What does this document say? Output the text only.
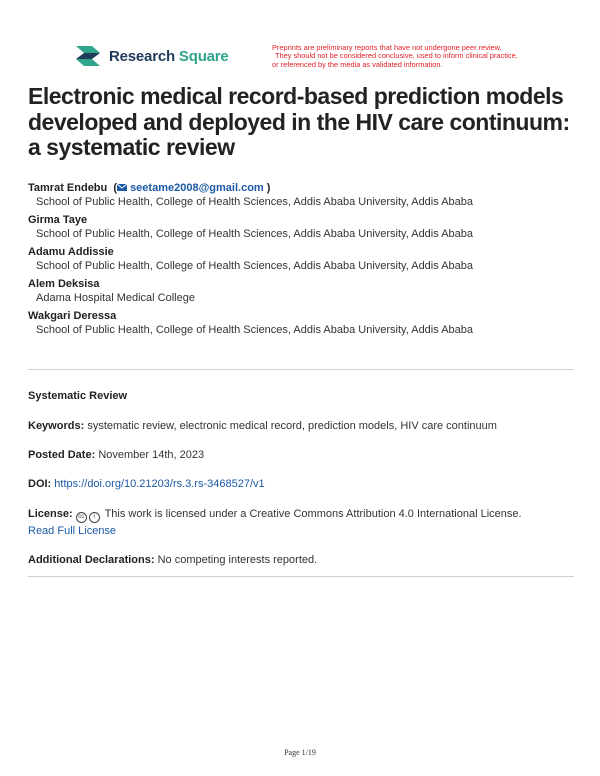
Research Square	Preprints are preliminary reports that have not undergone peer review.
They should not be considered conclusive, used to inform clinical practice,
or referenced by the media as validated information.
Electronic medical record-based prediction models developed and deployed in the HIV care continuum: a systematic review
Tamrat Endebu ( seetame2008@gmail.com )
School of Public Health, College of Health Sciences, Addis Ababa University, Addis Ababa
Girma Taye
School of Public Health, College of Health Sciences, Addis Ababa University, Addis Ababa
Adamu Addissie
School of Public Health, College of Health Sciences, Addis Ababa University, Addis Ababa
Alem Deksisa
Adama Hospital Medical College
Wakgari Deressa
School of Public Health, College of Health Sciences, Addis Ababa University, Addis Ababa
Systematic Review
Keywords: systematic review, electronic medical record, prediction models, HIV care continuum
Posted Date: November 14th, 2023
DOI: https://doi.org/10.21203/rs.3.rs-3468527/v1
License: cc i This work is licensed under a Creative Commons Attribution 4.0 International License.
Read Full License
Additional Declarations: No competing interests reported.
Page 1/19
